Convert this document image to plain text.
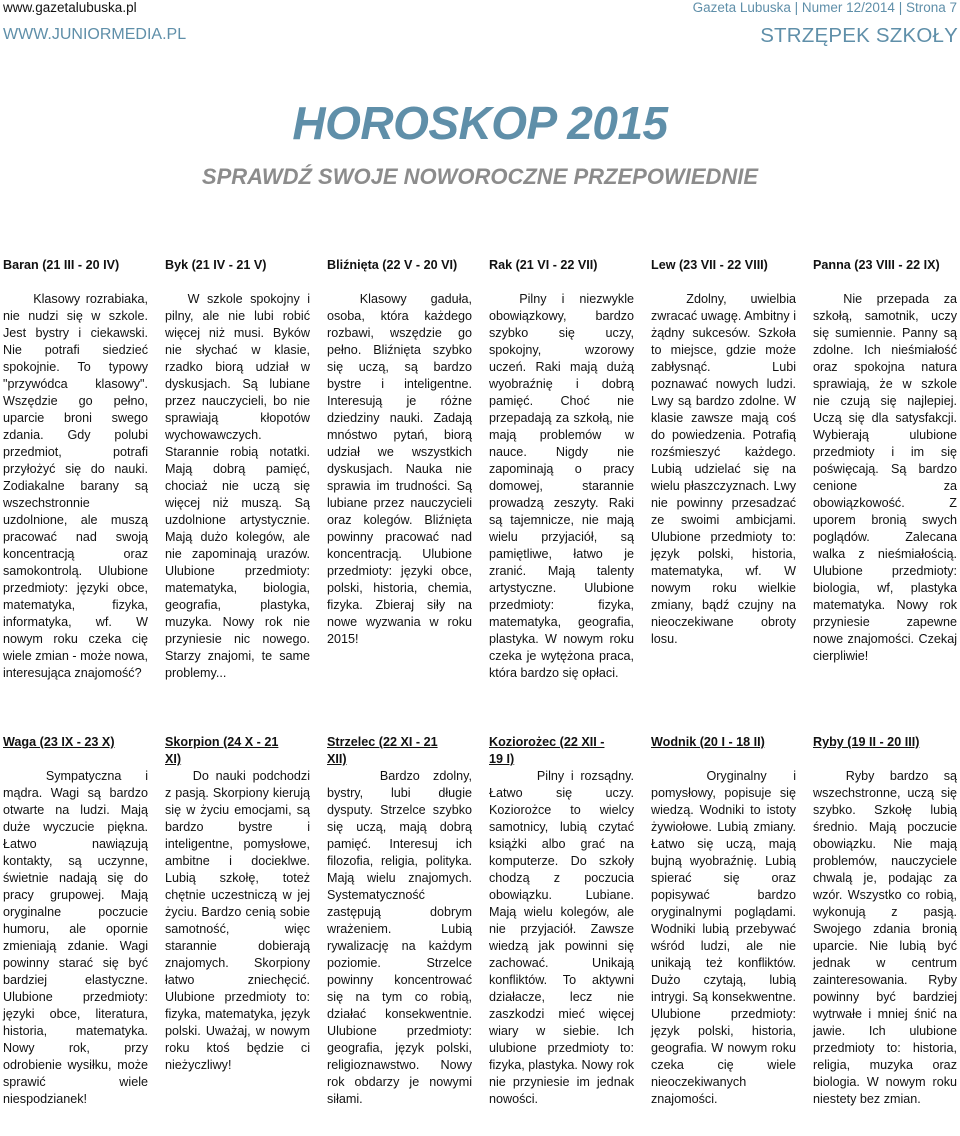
www.gazetalubuska.pl
WWW.JUNIORMEDIA.PL
Gazeta Lubuska | Numer 12/2014 | Strona 7
STRZĘPEK SZKOŁY
HOROSKOP 2015
SPRAWDŹ SWOJE NOWOROCZNE PRZEPOWIEDNIE
Baran (21 III - 20 IV)

Klasowy rozrabiaka, nie nudzi się w szkole. Jest bystry i ciekawski. Nie potrafi siedzieć spokojnie. To typowy "przywódca klasowy". Wszędzie go pełno, uparcie broni swego zdania. Gdy polubi przedmiot, potrafi przyłożyć się do nauki. Zodiakalne barany są wszechstronnie uzdolnione, ale muszą pracować nad swoją koncentracją oraz samokontrolą. Ulubione przedmioty: języki obce, matematyka, fizyka, informatyka, wf. W nowym roku czeka cię wiele zmian - może nowa, interesująca znajomość?

Byk (21 IV - 21 V)

W szkole spokojny i pilny, ale nie lubi robić więcej niż musi. Byków nie słychać w klasie, rzadko biorą udział w dyskusjach. Są lubiane przez nauczycieli, bo nie sprawiają kłopotów wychowawczych. Starannie robią notatki. Mają dobrą pamięć, chociaż nie uczą się więcej niż muszą. Są uzdolnione artystycznie. Mają dużo kolegów, ale nie zapominają urazów. Ulubione przedmioty: matematyka, biologia, geografia, plastyka, muzyka. Nowy rok nie przyniesie nic nowego. Starzy znajomi, te same problemy...

Bliźnięta (22 V - 20 VI)

Klasowy gaduła, osoba, która każdego rozbawi, wszędzie go pełno. Bliźnięta szybko się uczą, są bardzo bystre i inteligentne. Interesują je różne dziedziny nauki. Zadają mnóstwo pytań, biorą udział we wszystkich dyskusjach. Nauka nie sprawia im trudności. Są lubiane przez nauczycieli oraz kolegów. Bliźnięta powinny pracować nad koncentracją. Ulubione przedmioty: języki obce, polski, historia, chemia, fizyka. Zbieraj siły na nowe wyzwania w roku 2015!

Rak (21 VI - 22 VII)

Pilny i niezwykle obowiązkowy, bardzo szybko się uczy, spokojny, wzorowy uczeń. Raki mają dużą wyobraźnię i dobrą pamięć. Choć nie przepadają za szkołą, nie mają problemów w nauce. Nigdy nie zapominają o pracy domowej, starannie prowadzą zeszyty. Raki są tajemnicze, nie mają wielu przyjaciół, są pamiętliwe, łatwo je zranić. Mają talenty artystyczne. Ulubione przedmioty: fizyka, matematyka, geografia, plastyka. W nowym roku czeka je wytężona praca, która bardzo się opłaci.

Lew (23 VII - 22 VIII)

Zdolny, uwielbia zwracać uwagę. Ambitny i żądny sukcesów. Szkoła to miejsce, gdzie może zabłysnąć. Lubi poznawać nowych ludzi. Lwy są bardzo zdolne. W klasie zawsze mają coś do powiedzenia. Potrafią rozśmieszyć każdego. Lubią udzielać się na wielu płaszczyznach. Lwy nie powinny przesadzać ze swoimi ambicjami. Ulubione przedmioty to: język polski, historia, matematyka, wf. W nowym roku wielkie zmiany, bądź czujny na nieoczekiwane obroty losu.

Panna (23 VIII - 22 IX)

Nie przepada za szkołą, samotnik, uczy się sumiennie. Panny są zdolne. Ich nieśmiałość oraz spokojna natura sprawiają, że w szkole nie czują się najlepiej. Uczą się dla satysfakcji. Wybierają ulubione przedmioty i im się poświęcają. Są bardzo cenione za obowiązkowość. Z uporem bronią swych poglądów. Zalecana walka z nieśmiałością. Ulubione przedmioty: biologia, wf, plastyka matematyka. Nowy rok przyniesie zapewne nowe znajomości. Czekaj cierpliwie!

Waga (23 IX - 23 X)

Sympatyczna i mądra. Wagi są bardzo otwarte na ludzi. Mają duże wyczucie piękna. Łatwo nawiązują kontakty, są uczynne, świetnie nadają się do pracy grupowej. Mają oryginalne poczucie humoru, ale opornie zmieniają zdanie. Wagi powinny starać się być bardziej elastyczne. Ulubione przedmioty: języki obce, literatura, historia, matematyka. Nowy rok, przy odrobienie wysiłku, może sprawić wiele niespodzianek!

Skorpion (24 X - 21 XI)

Do nauki podchodzi z pasją. Skorpiony kierują się w życiu emocjami, są bardzo bystre i inteligentne, pomysłowe, ambitne i docieklwe. Lubią szkołę, toteż chętnie uczestniczą w jej życiu. Bardzo cenią sobie samotność, więc starannie dobierają znajomych. Skorpiony łatwo zniechęcić. Ulubione przedmioty to: fizyka, matematyka, język polski. Uważaj, w nowym roku ktoś będzie ci nieżyczliwy!

Strzelec (22 XI - 21 XII)

Bardzo zdolny, bystry, lubi długie dysputy. Strzelce szybko się uczą, mają dobrą pamięć. Interesuj ich filozofia, religia, polityka. Mają wielu znajomych. Systematyczność zastępują dobrym wrażeniem. Lubią rywalizację na każdym poziomie. Strzelce powinny koncentrować się na tym co robią, działać konsekwentnie. Ulubione przedmioty: geografia, język polski, religioznawstwo. Nowy rok obdarzy je nowymi siłami.

Koziorożec (22 XII - 19 I)

Pilny i rozsądny. Łatwo się uczy. Koziorożce to wielcy samotnicy, lubią czytać książki albo grać na komputerze. Do szkoły chodzą z poczucia obowiązku. Lubiane. Mają wielu kolegów, ale nie przyjaciół. Zawsze wiedzą jak powinni się zachować. Unikają konfliktów. To aktywni działacze, lecz nie zaszkodzi mieć więcej wiary w siebie. Ich ulubione przedmioty to: fizyka, plastyka. Nowy rok nie przyniesie im jednak nowości.

Wodnik (20 I - 18 II)

Oryginalny i pomysłowy, popisuje się wiedzą. Wodniki to istoty żywiołowe. Lubią zmiany. Łatwo się uczą, mają bujną wyobraźnię. Lubią spierać się oraz popisywać bardzo oryginalnymi poglądami. Wodniki lubią przebywać wśród ludzi, ale nie unikają też konfliktów. Dużo czytają, lubią intrygi. Są konsekwentne. Ulubione przedmioty: język polski, historia, geografia. W nowym roku czeka cię wiele nieoczekiwanych znajomości.

Ryby (19 II - 20 III)

Ryby bardzo są wszechstronne, uczą się szybko. Szkołę lubią średnio. Mają poczucie obowiązku. Nie mają problemów, nauczyciele chwalą je, podając za wzór. Wszystko co robią, wykonują z pasją. Swojego zdania bronią uparcie. Nie lubią być jednak w centrum zainteresowania. Ryby powinny być bardziej wytrwałe i mniej śnić na jawie. Ich ulubione przedmioty to: historia, religia, muzyka oraz biologia. W nowym roku niestety bez zmian.
